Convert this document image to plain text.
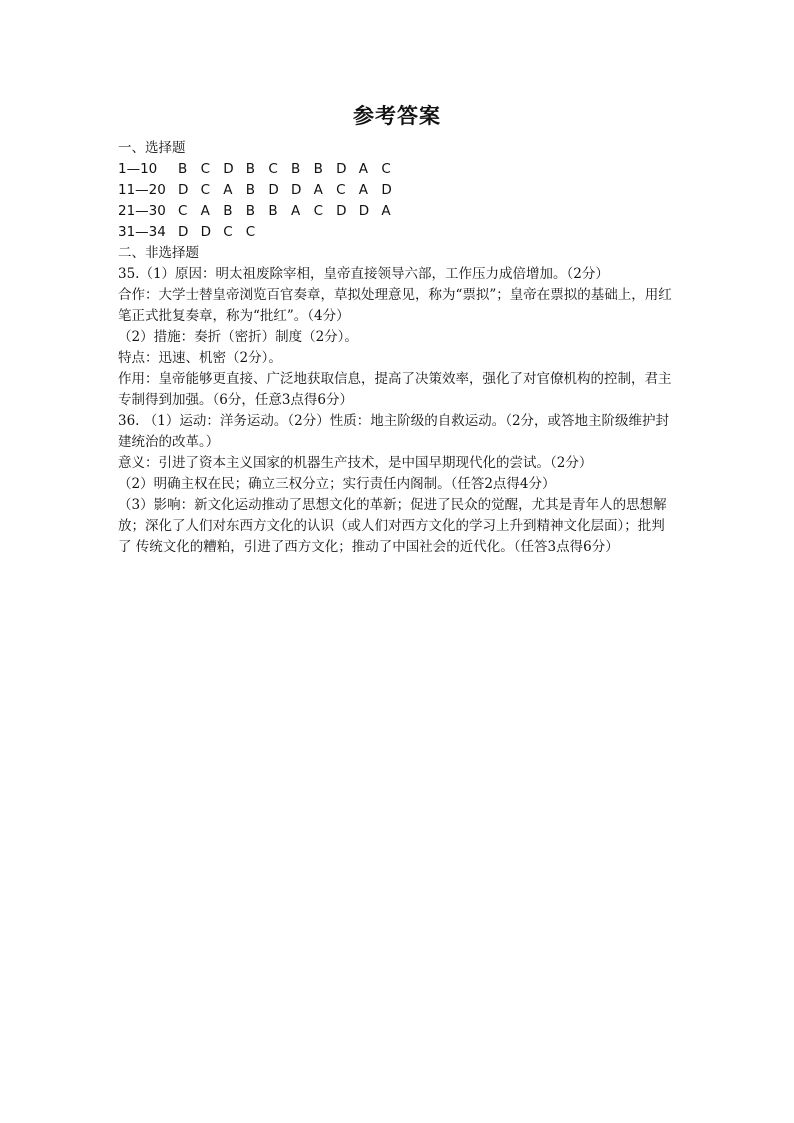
参考答案
一、选择题
1—10	B C D B C B B D A C
11—20 D C A B D D A C A D
21—30 C A B B B A C D D A
31—34 D D C C
二、非选择题
35.（1）原因：明太祖废除宰相，皇帝直接领导六部，工作压力成倍增加。（2分）
合作：大学士替皇帝浏览百官奏章，草拟处理意见，称为“票拟”；皇帝在票拟的基础上，用红笔正式批复奏章，称为“批红”。（4分）
（2）措施：奏折（密折）制度（2分）。
特点：迅速、机密（2分）。
作用：皇帝能够更直接、广泛地获取信息，提高了决策效率，强化了对官僚机构的控制，君主专制得到加强。（6分，任意3点得6分）
36. （1）运动：洋务运动。（2分）性质：地主阶级的自救运动。（2分，或答地主阶级维护封建统治的改革。）
意义：引进了资本主义国家的机器生产技术，是中国早期现代化的尝试。（2分）
（2）明确主权在民；确立三权分立；实行责任内阁制。（任答2点得4分）
（3）影响：新文化运动推动了思想文化的革新；促进了民众的觉醒，尤其是青年人的思想解放；深化了人们对东西方文化的认识（或人们对西方文化的学习上升到精神文化层面）；批判了 传统文化的糟粕，引进了西方文化；推动了中国社会的近代化。（任答3点得6分）
